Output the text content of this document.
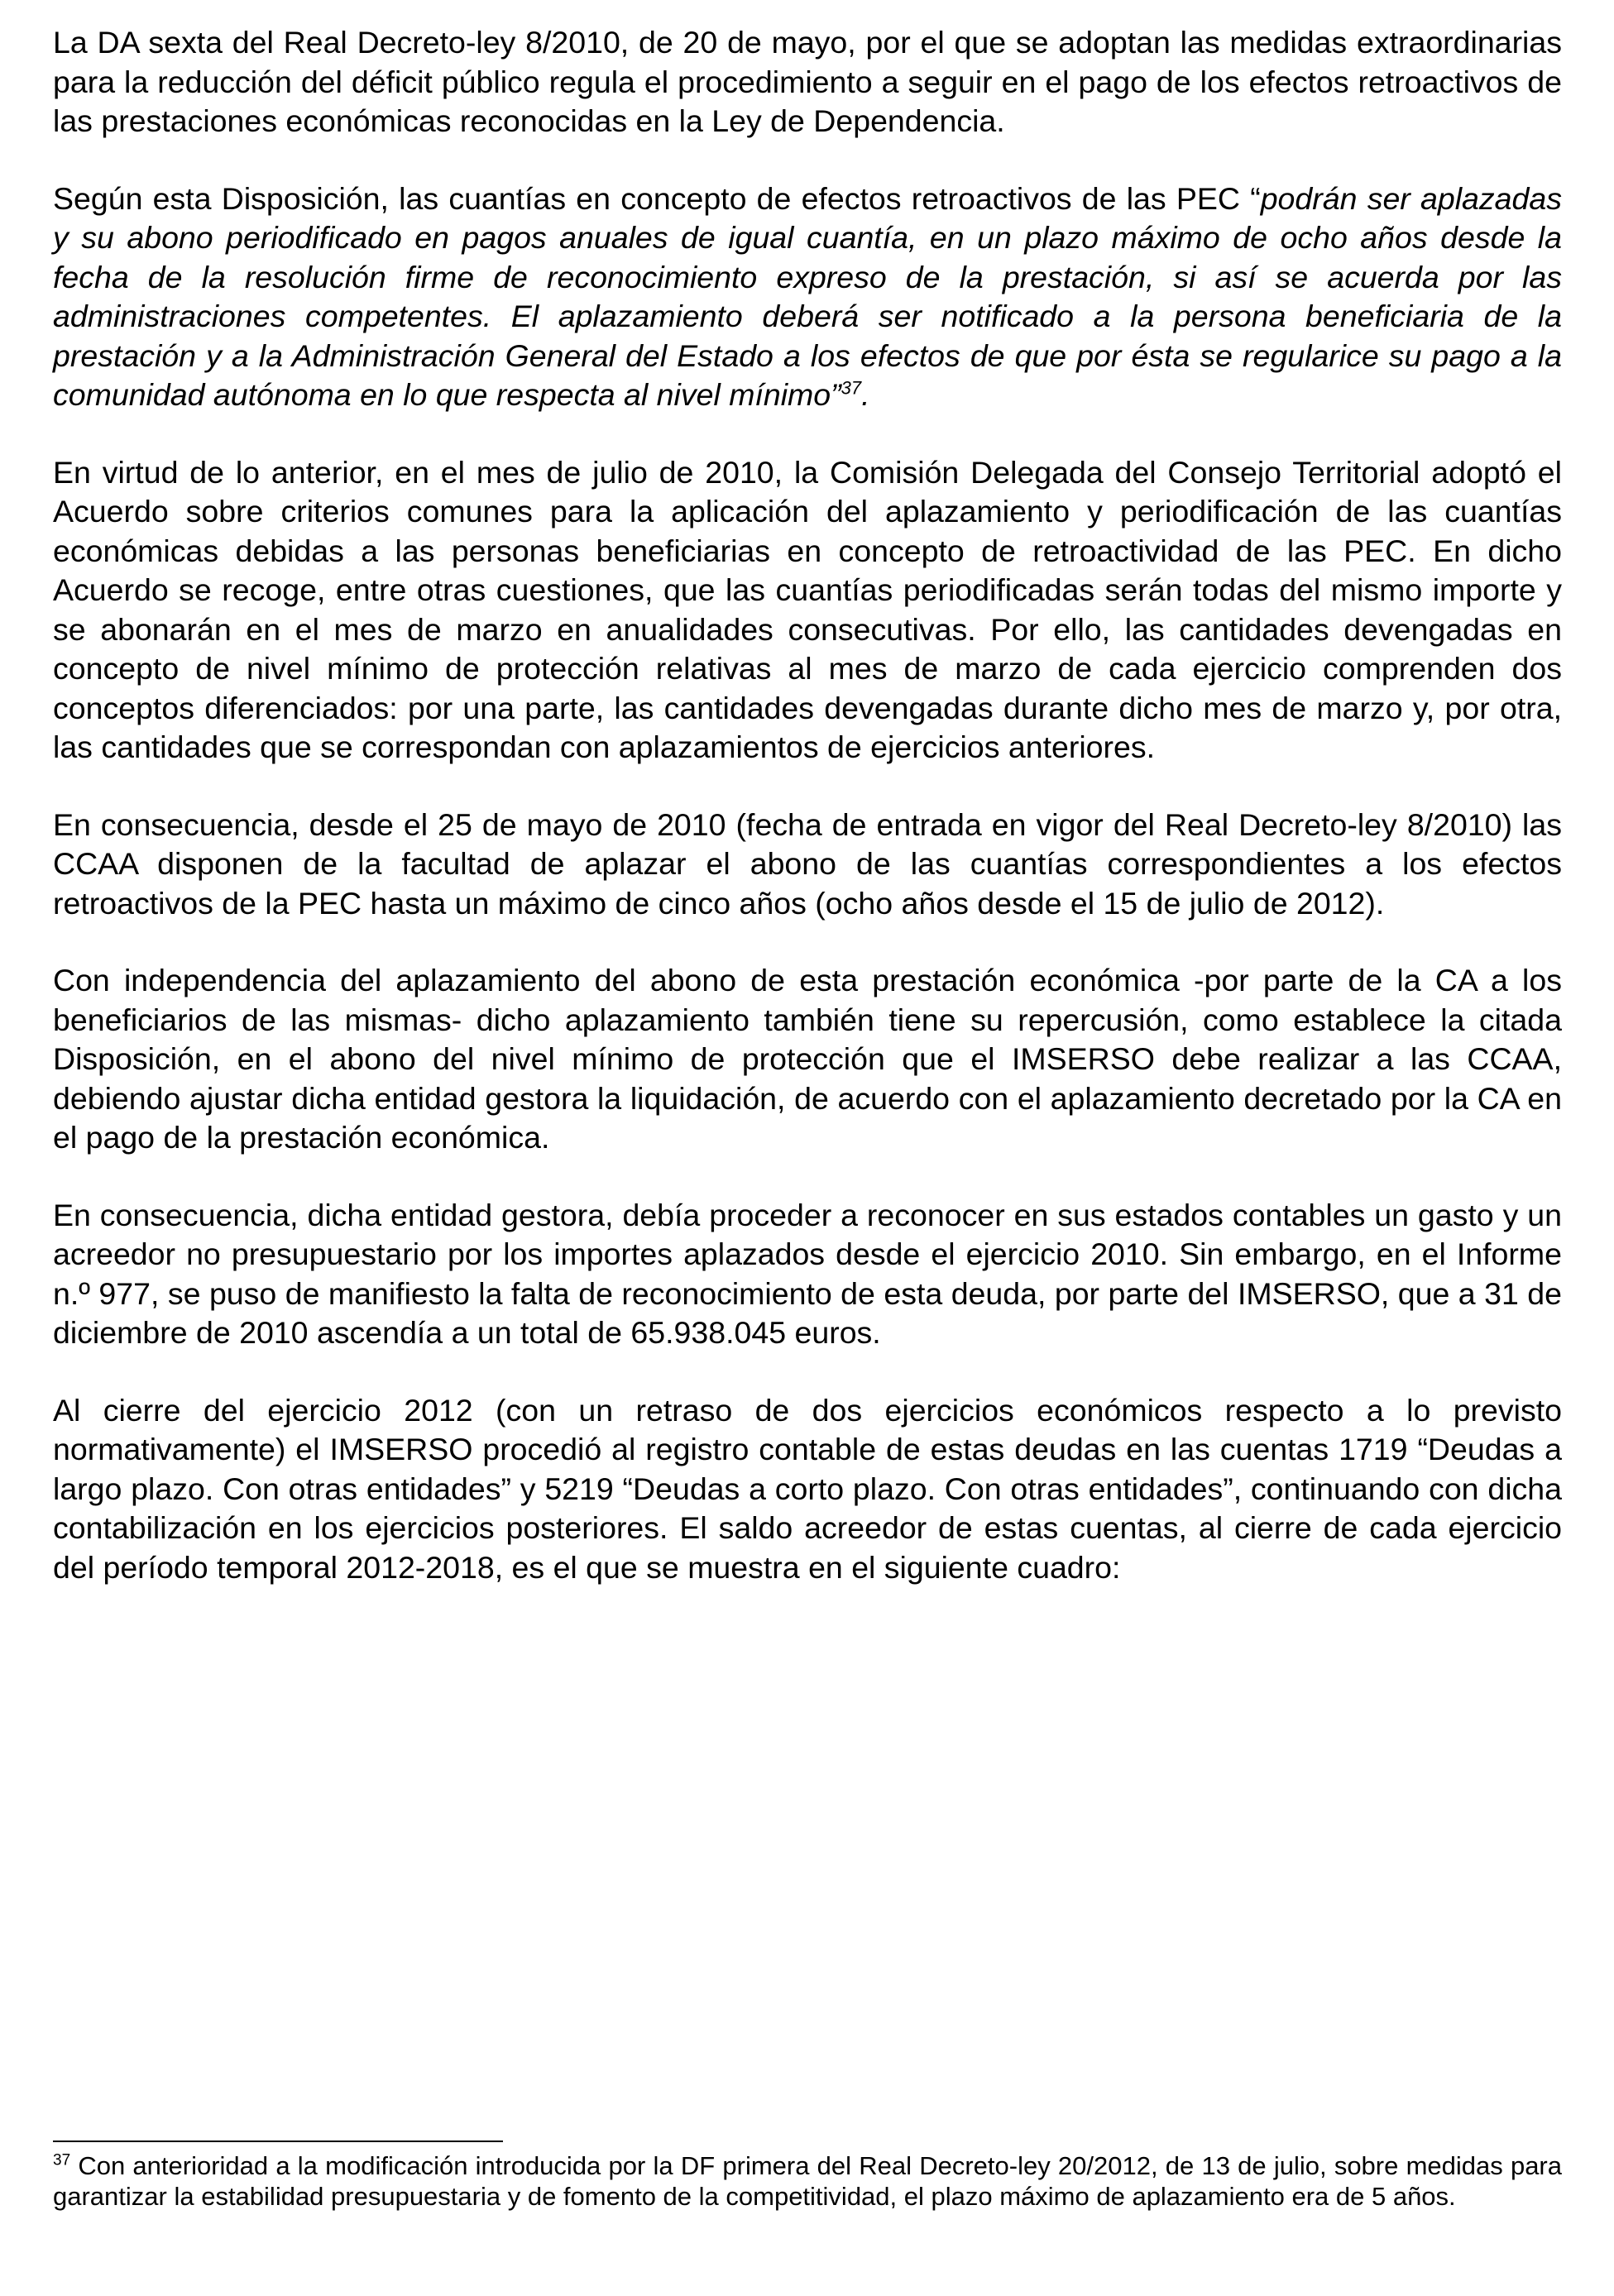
La DA sexta del Real Decreto-ley 8/2010, de 20 de mayo, por el que se adoptan las medidas extraordinarias para la reducción del déficit público regula el procedimiento a seguir en el pago de los efectos retroactivos de las prestaciones económicas reconocidas en la Ley de Dependencia.

Según esta Disposición, las cuantías en concepto de efectos retroactivos de las PEC “podrán ser aplazadas y su abono periodificado en pagos anuales de igual cuantía, en un plazo máximo de ocho años desde la fecha de la resolución firme de reconocimiento expreso de la prestación, si así se acuerda por las administraciones competentes. El aplazamiento deberá ser notificado a la persona beneficiaria de la prestación y a la Administración General del Estado a los efectos de que por ésta se regularice su pago a la comunidad autónoma en lo que respecta al nivel mínimo”$^{37}$.

En virtud de lo anterior, en el mes de julio de 2010, la Comisión Delegada del Consejo Territorial adoptó el Acuerdo sobre criterios comunes para la aplicación del aplazamiento y periodificación de las cuantías económicas debidas a las personas beneficiarias en concepto de retroactividad de las PEC. En dicho Acuerdo se recoge, entre otras cuestiones, que las cuantías periodificadas serán todas del mismo importe y se abonarán en el mes de marzo en anualidades consecutivas. Por ello, las cantidades devengadas en concepto de nivel mínimo de protección relativas al mes de marzo de cada ejercicio comprenden dos conceptos diferenciados: por una parte, las cantidades devengadas durante dicho mes de marzo y, por otra, las cantidades que se correspondan con aplazamientos de ejercicios anteriores.

En consecuencia, desde el 25 de mayo de 2010 (fecha de entrada en vigor del Real Decreto-ley 8/2010) las CCAA disponen de la facultad de aplazar el abono de las cuantías correspondientes a los efectos retroactivos de la PEC hasta un máximo de cinco años (ocho años desde el 15 de julio de 2012).

Con independencia del aplazamiento del abono de esta prestación económica -por parte de la CA a los beneficiarios de las mismas- dicho aplazamiento también tiene su repercusión, como establece la citada Disposición, en el abono del nivel mínimo de protección que el IMSERSO debe realizar a las CCAA, debiendo ajustar dicha entidad gestora la liquidación, de acuerdo con el aplazamiento decretado por la CA en el pago de la prestación económica.

En consecuencia, dicha entidad gestora, debía proceder a reconocer en sus estados contables un gasto y un acreedor no presupuestario por los importes aplazados desde el ejercicio 2010. Sin embargo, en el Informe n.º 977, se puso de manifiesto la falta de reconocimiento de esta deuda, por parte del IMSERSO, que a 31 de diciembre de 2010 ascendía a un total de 65.938.045 euros.

Al cierre del ejercicio 2012 (con un retraso de dos ejercicios económicos respecto a lo previsto normativamente) el IMSERSO procedió al registro contable de estas deudas en las cuentas 1719 “Deudas a largo plazo. Con otras entidades” y 5219 “Deudas a corto plazo. Con otras entidades”, continuando con dicha contabilización en los ejercicios posteriores. El saldo acreedor de estas cuentas, al cierre de cada ejercicio del período temporal 2012-2018, es el que se muestra en el siguiente cuadro:

$^{37}$ Con anterioridad a la modificación introducida por la DF primera del Real Decreto-ley 20/2012, de 13 de julio, sobre medidas para garantizar la estabilidad presupuestaria y de fomento de la competitividad, el plazo máximo de aplazamiento era de 5 años.
